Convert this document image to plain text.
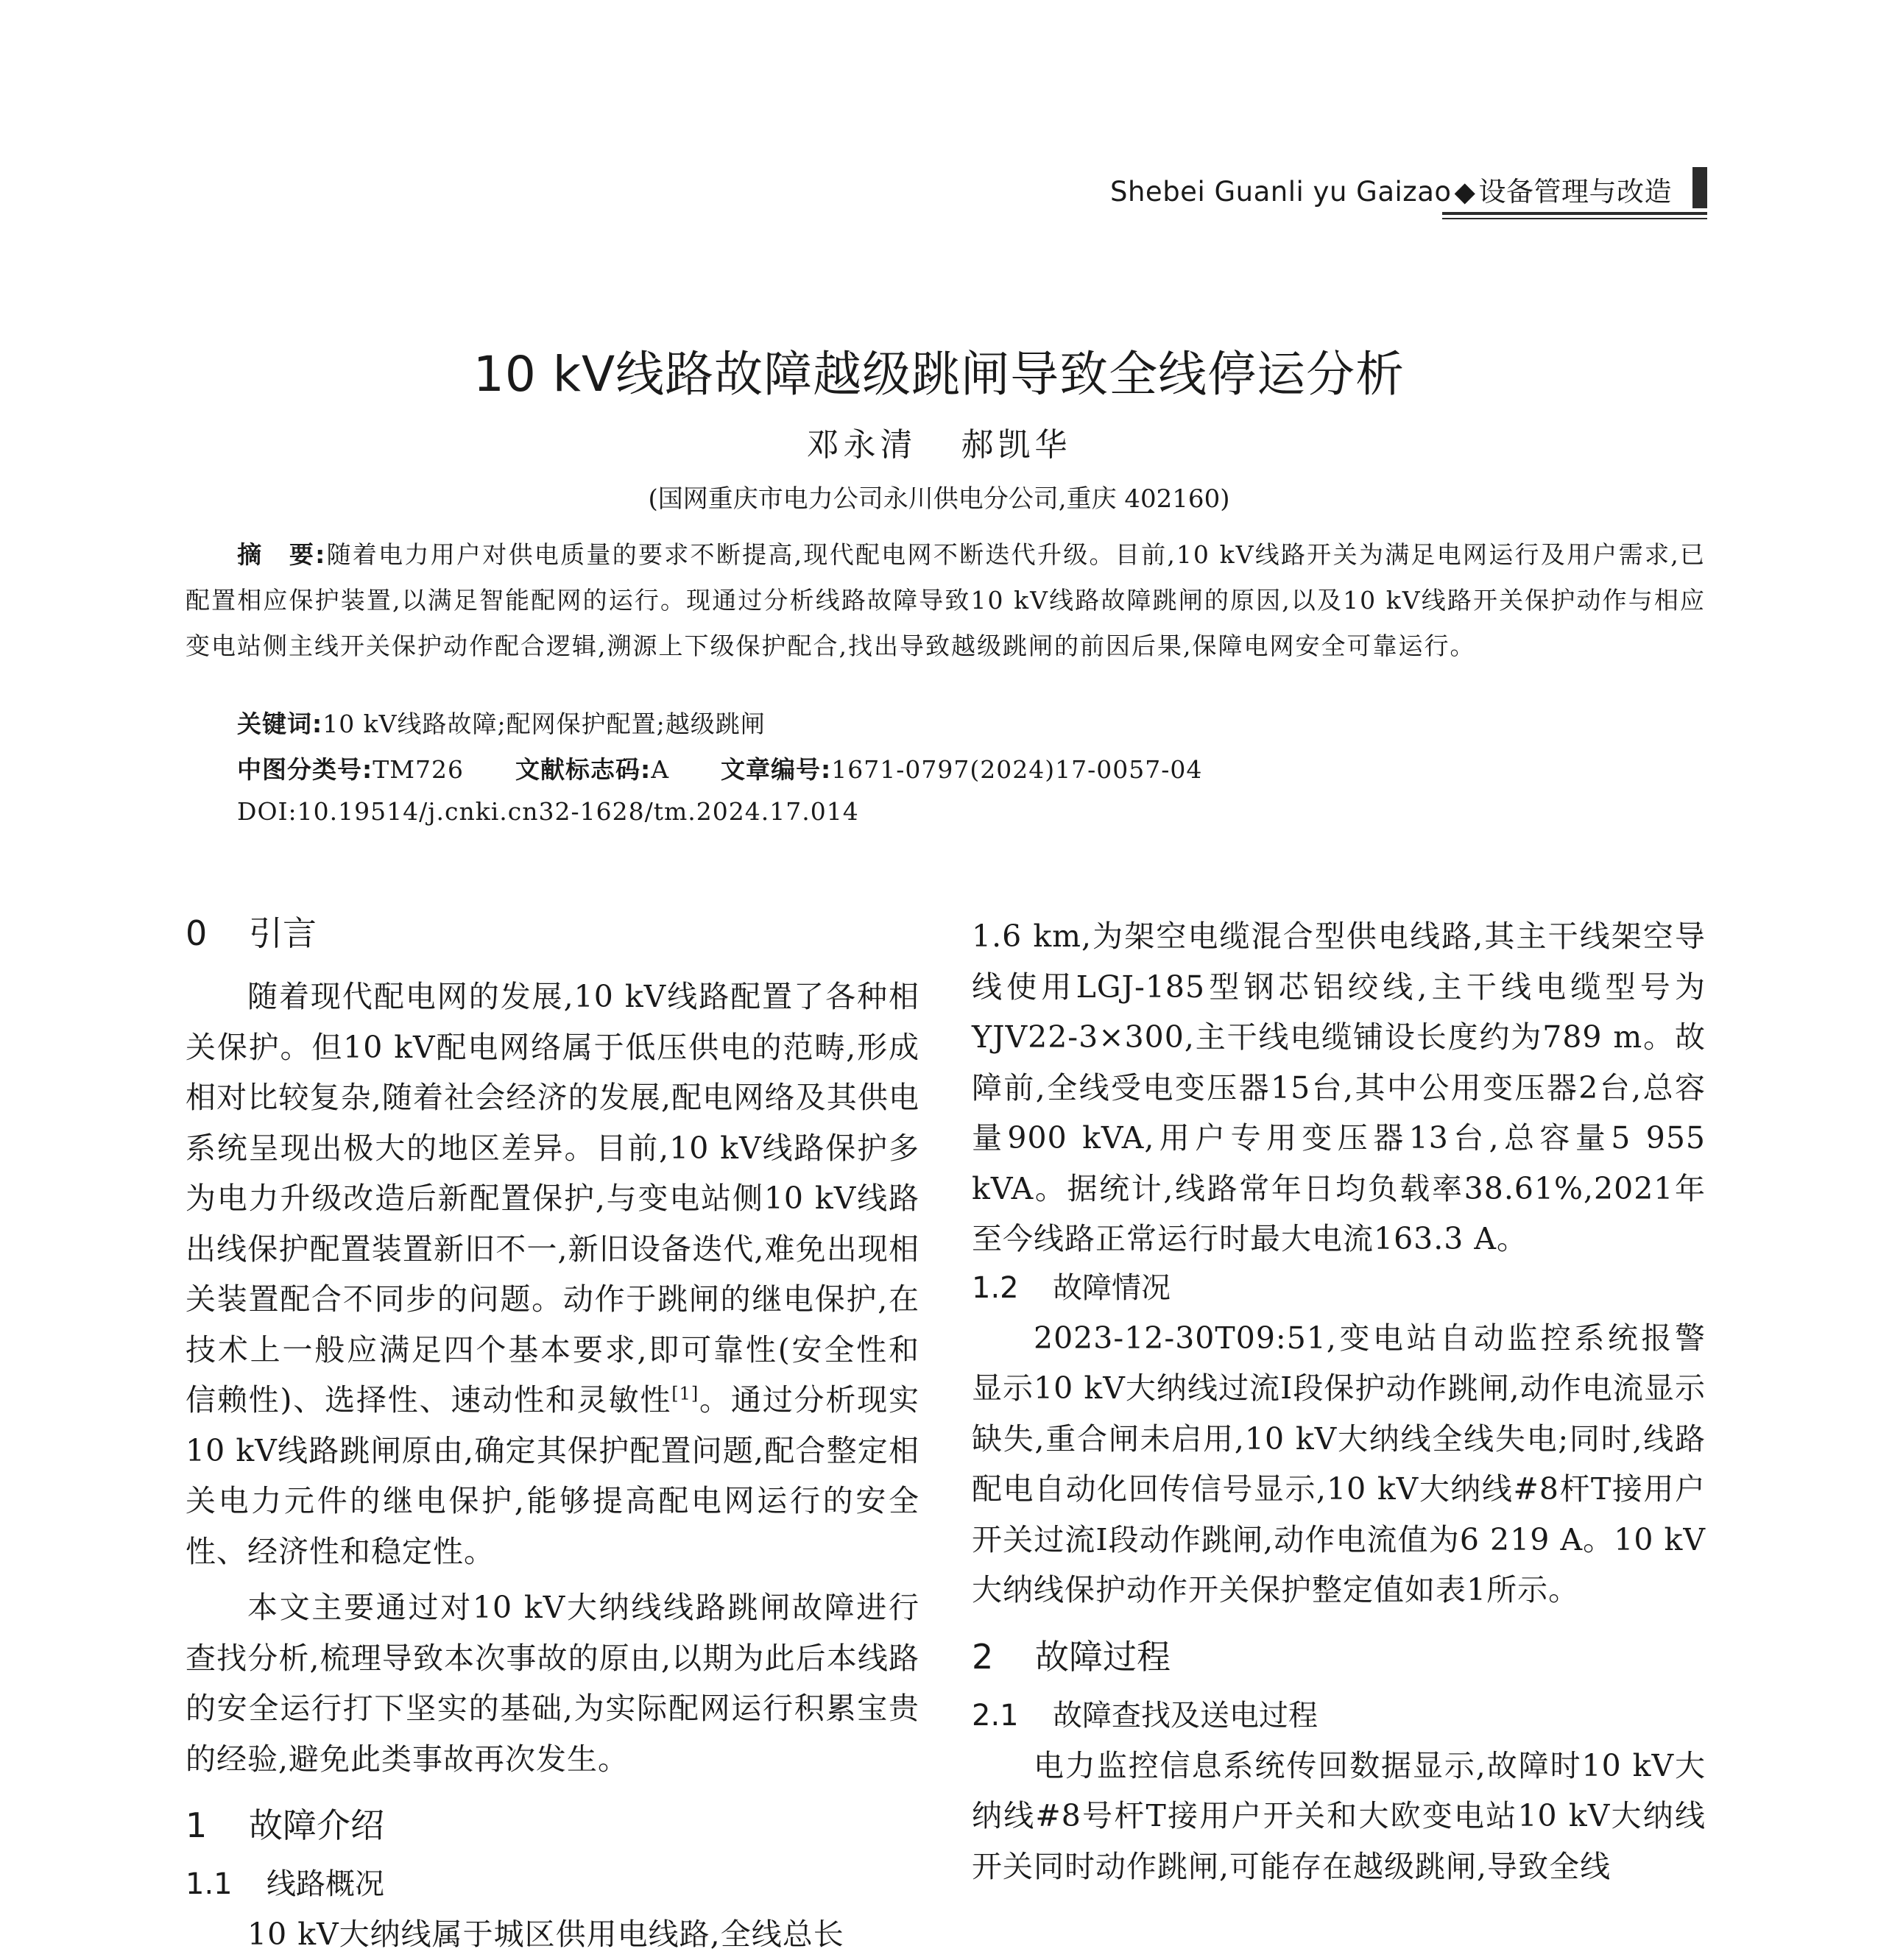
Shebei Guanli yu Gaizao ◆ 设备管理与改造
10 kV线路故障越级跳闸导致全线停运分析
邓永清 郝凯华
(国网重庆市电力公司永川供电分公司,重庆 402160)
摘　要:随着电力用户对供电质量的要求不断提高,现代配电网不断迭代升级。目前,10 kV线路开关为满足电网运行及用户需求,已配置相应保护装置,以满足智能配网的运行。现通过分析线路故障导致10 kV线路故障跳闸的原因,以及10 kV线路开关保护动作与相应变电站侧主线开关保护动作配合逻辑,溯源上下级保护配合,找出导致越级跳闸的前因后果,保障电网安全可靠运行。
关键词:10 kV线路故障;配网保护配置;越级跳闸
中图分类号:TM726 文献标志码:A 文章编号:1671-0797(2024)17-0057-04
DOI:10.19514/j.cnki.cn32-1628/tm.2024.17.014
0 引言

随着现代配电网的发展,10 kV线路配置了各种相关保护。但10 kV配电网络属于低压供电的范畴,形成相对比较复杂,随着社会经济的发展,配电网络及其供电系统呈现出极大的地区差异。目前,10 kV线路保护多为电力升级改造后新配置保护,与变电站侧10 kV线路出线保护配置装置新旧不一,新旧设备迭代,难免出现相关装置配合不同步的问题。动作于跳闸的继电保护,在技术上一般应满足四个基本要求,即可靠性(安全性和信赖性)、选择性、速动性和灵敏性[1]。通过分析现实10 kV线路跳闸原由,确定其保护配置问题,配合整定相关电力元件的继电保护,能够提高配电网运行的安全性、经济性和稳定性。

本文主要通过对10 kV大纳线线路跳闸故障进行查找分析,梳理导致本次事故的原由,以期为此后本线路的安全运行打下坚实的基础,为实际配网运行积累宝贵的经验,避免此类事故再次发生。

1 故障介绍
1.1 线路概况

10 kV大纳线属于城区供用电线路,全线总长

1.6 km,为架空电缆混合型供电线路,其主干线架空导线使用LGJ-185型钢芯铝绞线,主干线电缆型号为YJV22-3×300,主干线电缆铺设长度约为789 m。故障前,全线受电变压器15台,其中公用变压器2台,总容量900 kVA,用户专用变压器13台,总容量5 955 kVA。据统计,线路常年日均负载率38.61%,2021年至今线路正常运行时最大电流163.3 A。

1.2 故障情况

2023-12-30T09:51,变电站自动监控系统报警显示10 kV大纳线过流Ⅰ段保护动作跳闸,动作电流显示缺失,重合闸未启用,10 kV大纳线全线失电;同时,线路配电自动化回传信号显示,10 kV大纳线#8杆T接用户开关过流Ⅰ段动作跳闸,动作电流值为6 219 A。10 kV大纳线保护动作开关保护整定值如表1所示。

2 故障过程
2.1 故障查找及送电过程

电力监控信息系统传回数据显示,故障时10 kV大纳线#8号杆T接用户开关和大欧变电站10 kV大纳线开关同时动作跳闸,可能存在越级跳闸,导致全线
